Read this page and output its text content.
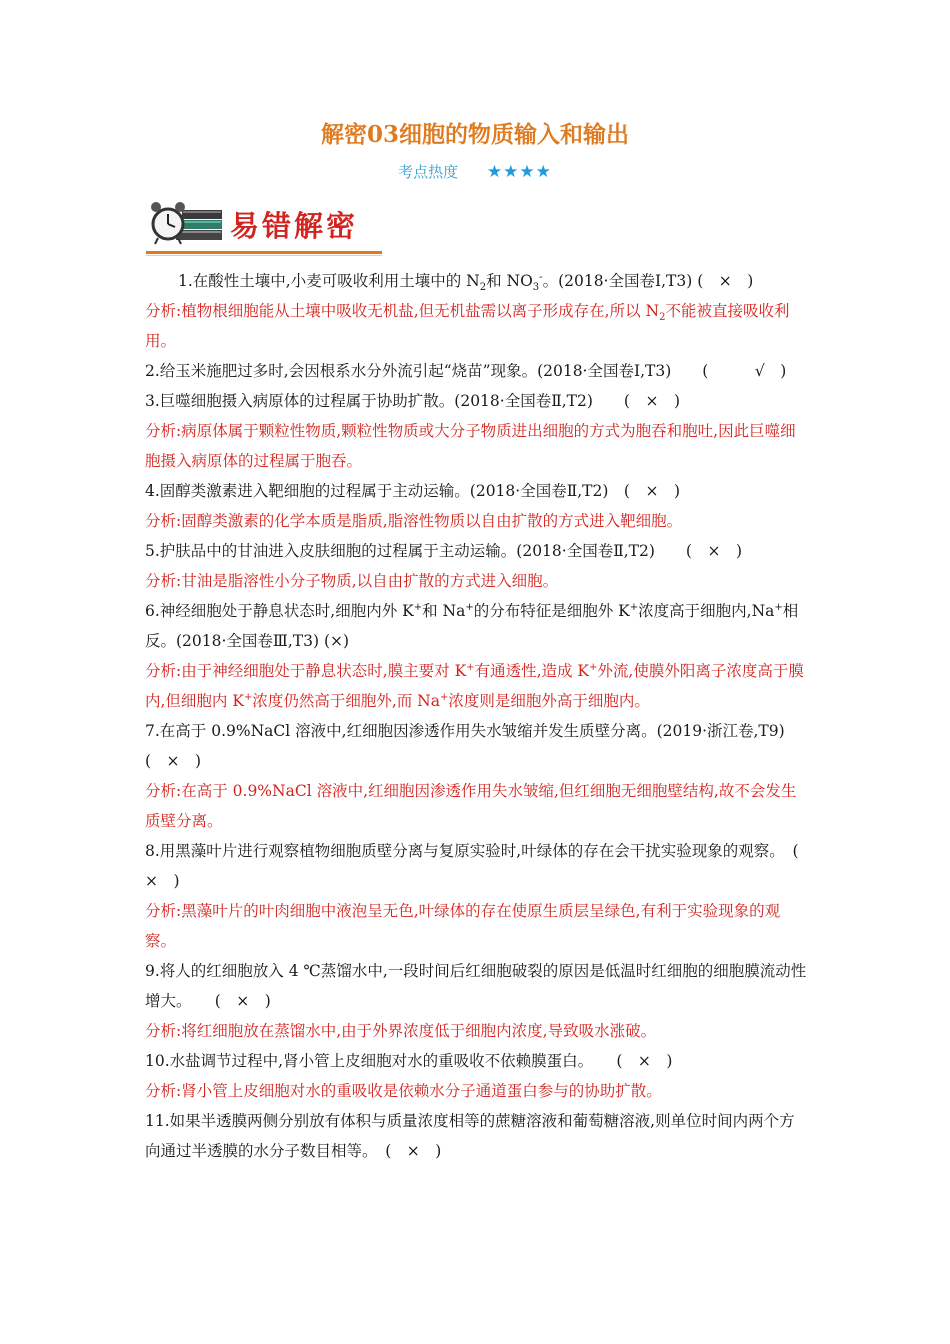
解密03细胞的物质输入和输出
考点热度 ★★★★
易错解密

1.在酸性土壤中,小麦可吸收利用土壤中的 $N_2$和 $NO_3^-$。(2018·全国卷Ⅰ,T3) (　×　)

分析:植物根细胞能从土壤中吸收无机盐,但无机盐需以离子形成存在,所以 $N_2$不能被直接吸收利用。

2.给玉米施肥过多时,会因根系水分外流引起“烧苗”现象。(2018·全国卷Ⅰ,T3)　　(　　　√　)

3.巨噬细胞摄入病原体的过程属于协助扩散。(2018·全国卷Ⅱ,T2)　　(　×　)

分析:病原体属于颗粒性物质,颗粒性物质或大分子物质进出细胞的方式为胞吞和胞吐,因此巨噬细胞摄入病原体的过程属于胞吞。

4.固醇类激素进入靶细胞的过程属于主动运输。(2018·全国卷Ⅱ,T2)　(　×　)

分析:固醇类激素的化学本质是脂质,脂溶性物质以自由扩散的方式进入靶细胞。

5.护肤品中的甘油进入皮肤细胞的过程属于主动运输。(2018·全国卷Ⅱ,T2)　　(　×　)

分析:甘油是脂溶性小分子物质,以自由扩散的方式进入细胞。

6.神经细胞处于静息状态时,细胞内外 K+和 Na+的分布特征是细胞外 K+浓度高于细胞内,Na+相反。(2018·全国卷Ⅲ,T3) (×)

分析:由于神经细胞处于静息状态时,膜主要对 K+有通透性,造成 K+外流,使膜外阳离子浓度高于膜内,但细胞内 K+浓度仍然高于细胞外,而 Na+浓度则是细胞外高于细胞内。

7.在高于 0.9%NaCl 溶液中,红细胞因渗透作用失水皱缩并发生质壁分离。(2019·浙江卷,T9)　　　(　×　)

分析:在高于 0.9%NaCl 溶液中,红细胞因渗透作用失水皱缩,但红细胞无细胞壁结构,故不会发生质壁分离。

8.用黑藻叶片进行观察植物细胞质壁分离与复原实验时,叶绿体的存在会干扰实验现象的观察。　(　×　)

分析:黑藻叶片的叶肉细胞中液泡呈无色,叶绿体的存在使原生质层呈绿色,有利于实验现象的观察。

9.将人的红细胞放入 4 ℃蒸馏水中,一段时间后红细胞破裂的原因是低温时红细胞的细胞膜流动性增大。　　(　×　)

分析:将红细胞放在蒸馏水中,由于外界浓度低于细胞内浓度,导致吸水涨破。

10.水盐调节过程中,肾小管上皮细胞对水的重吸收不依赖膜蛋白。　　(　×　)

分析:肾小管上皮细胞对水的重吸收是依赖水分子通道蛋白参与的协助扩散。

11.如果半透膜两侧分别放有体积与质量浓度相等的蔗糖溶液和葡萄糖溶液,则单位时间内两个方向通过半透膜的水分子数目相等。　(　×　)
